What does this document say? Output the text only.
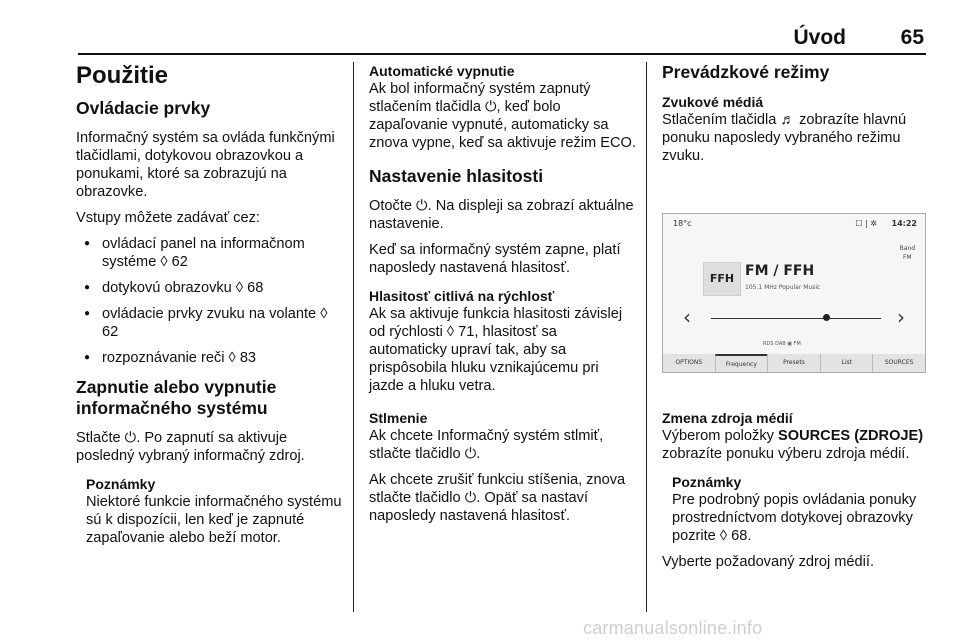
Úvod	65
Použitie
Ovládacie prvky

Informačný systém sa ovláda funkčnými tlačidlami, dotykovou obrazovkou a ponukami, ktoré sa zobrazujú na obrazovke.

Vstupy môžete zadávať cez:

● ovládací panel na informačnom systéme ◊ 62
● dotykovú obrazovku ◊ 68
● ovládacie prvky zvuku na volante ◊ 62
● rozpoznávanie reči ◊ 83
Zapnutie alebo vypnutie informačného systému

Stlačte ⏻. Po zapnutí sa aktivuje posledný vybraný informačný zdroj.

Poznámky

Niektoré funkcie informačného systému sú k dispozícii, len keď je zapnuté zapaľovanie alebo beží motor.

Automatické vypnutie

Ak bol informačný systém zapnutý stlačením tlačidla ⏻, keď bolo zapaľovanie vypnuté, automaticky sa znova vypne, keď sa aktivuje režim ECO.

Nastavenie hlasitosti

Otočte ⏻. Na displeji sa zobrazí aktuálne nastavenie.

Keď sa informačný systém zapne, platí naposledy nastavená hlasitosť.

Hlasitosť citlivá na rýchlosť

Ak sa aktivuje funkcia hlasitosti závislej od rýchlosti ◊ 71, hlasitosť sa automaticky upraví tak, aby sa prispôsobila hluku vznikajúcemu pri jazde a hluku vetra.

Stlmenie

Ak chcete Informačný systém stlmiť, stlačte tlačidlo ⏻.

Ak chcete zrušiť funkciu stíšenia, znova stlačte tlačidlo ⏻. Opäť sa nastaví naposledy nastavená hlasitosť.

Prevádzkové režimy
Zvukové médiá

Stlačením tlačidla ♬ zobrazíte hlavnú ponuku naposledy vybraného režimu zvuku.

18°c	☐ | ✲ 14:22
Band
FM
FFH FM / FFH
105.1 MHz Popular Music
‹	›
RDS DAB ▣ FM
OPTIONS	Frequency	Presets	List	SOURCES
Zmena zdroja médií

Výberom položky SOURCES (ZDROJE) zobrazíte ponuku výberu zdroja médií.

Poznámky

Pre podrobný popis ovládania ponuky prostredníctvom dotykovej obrazovky pozrite ◊ 68.

Vyberte požadovaný zdroj médií.

carmanualsonline.info
